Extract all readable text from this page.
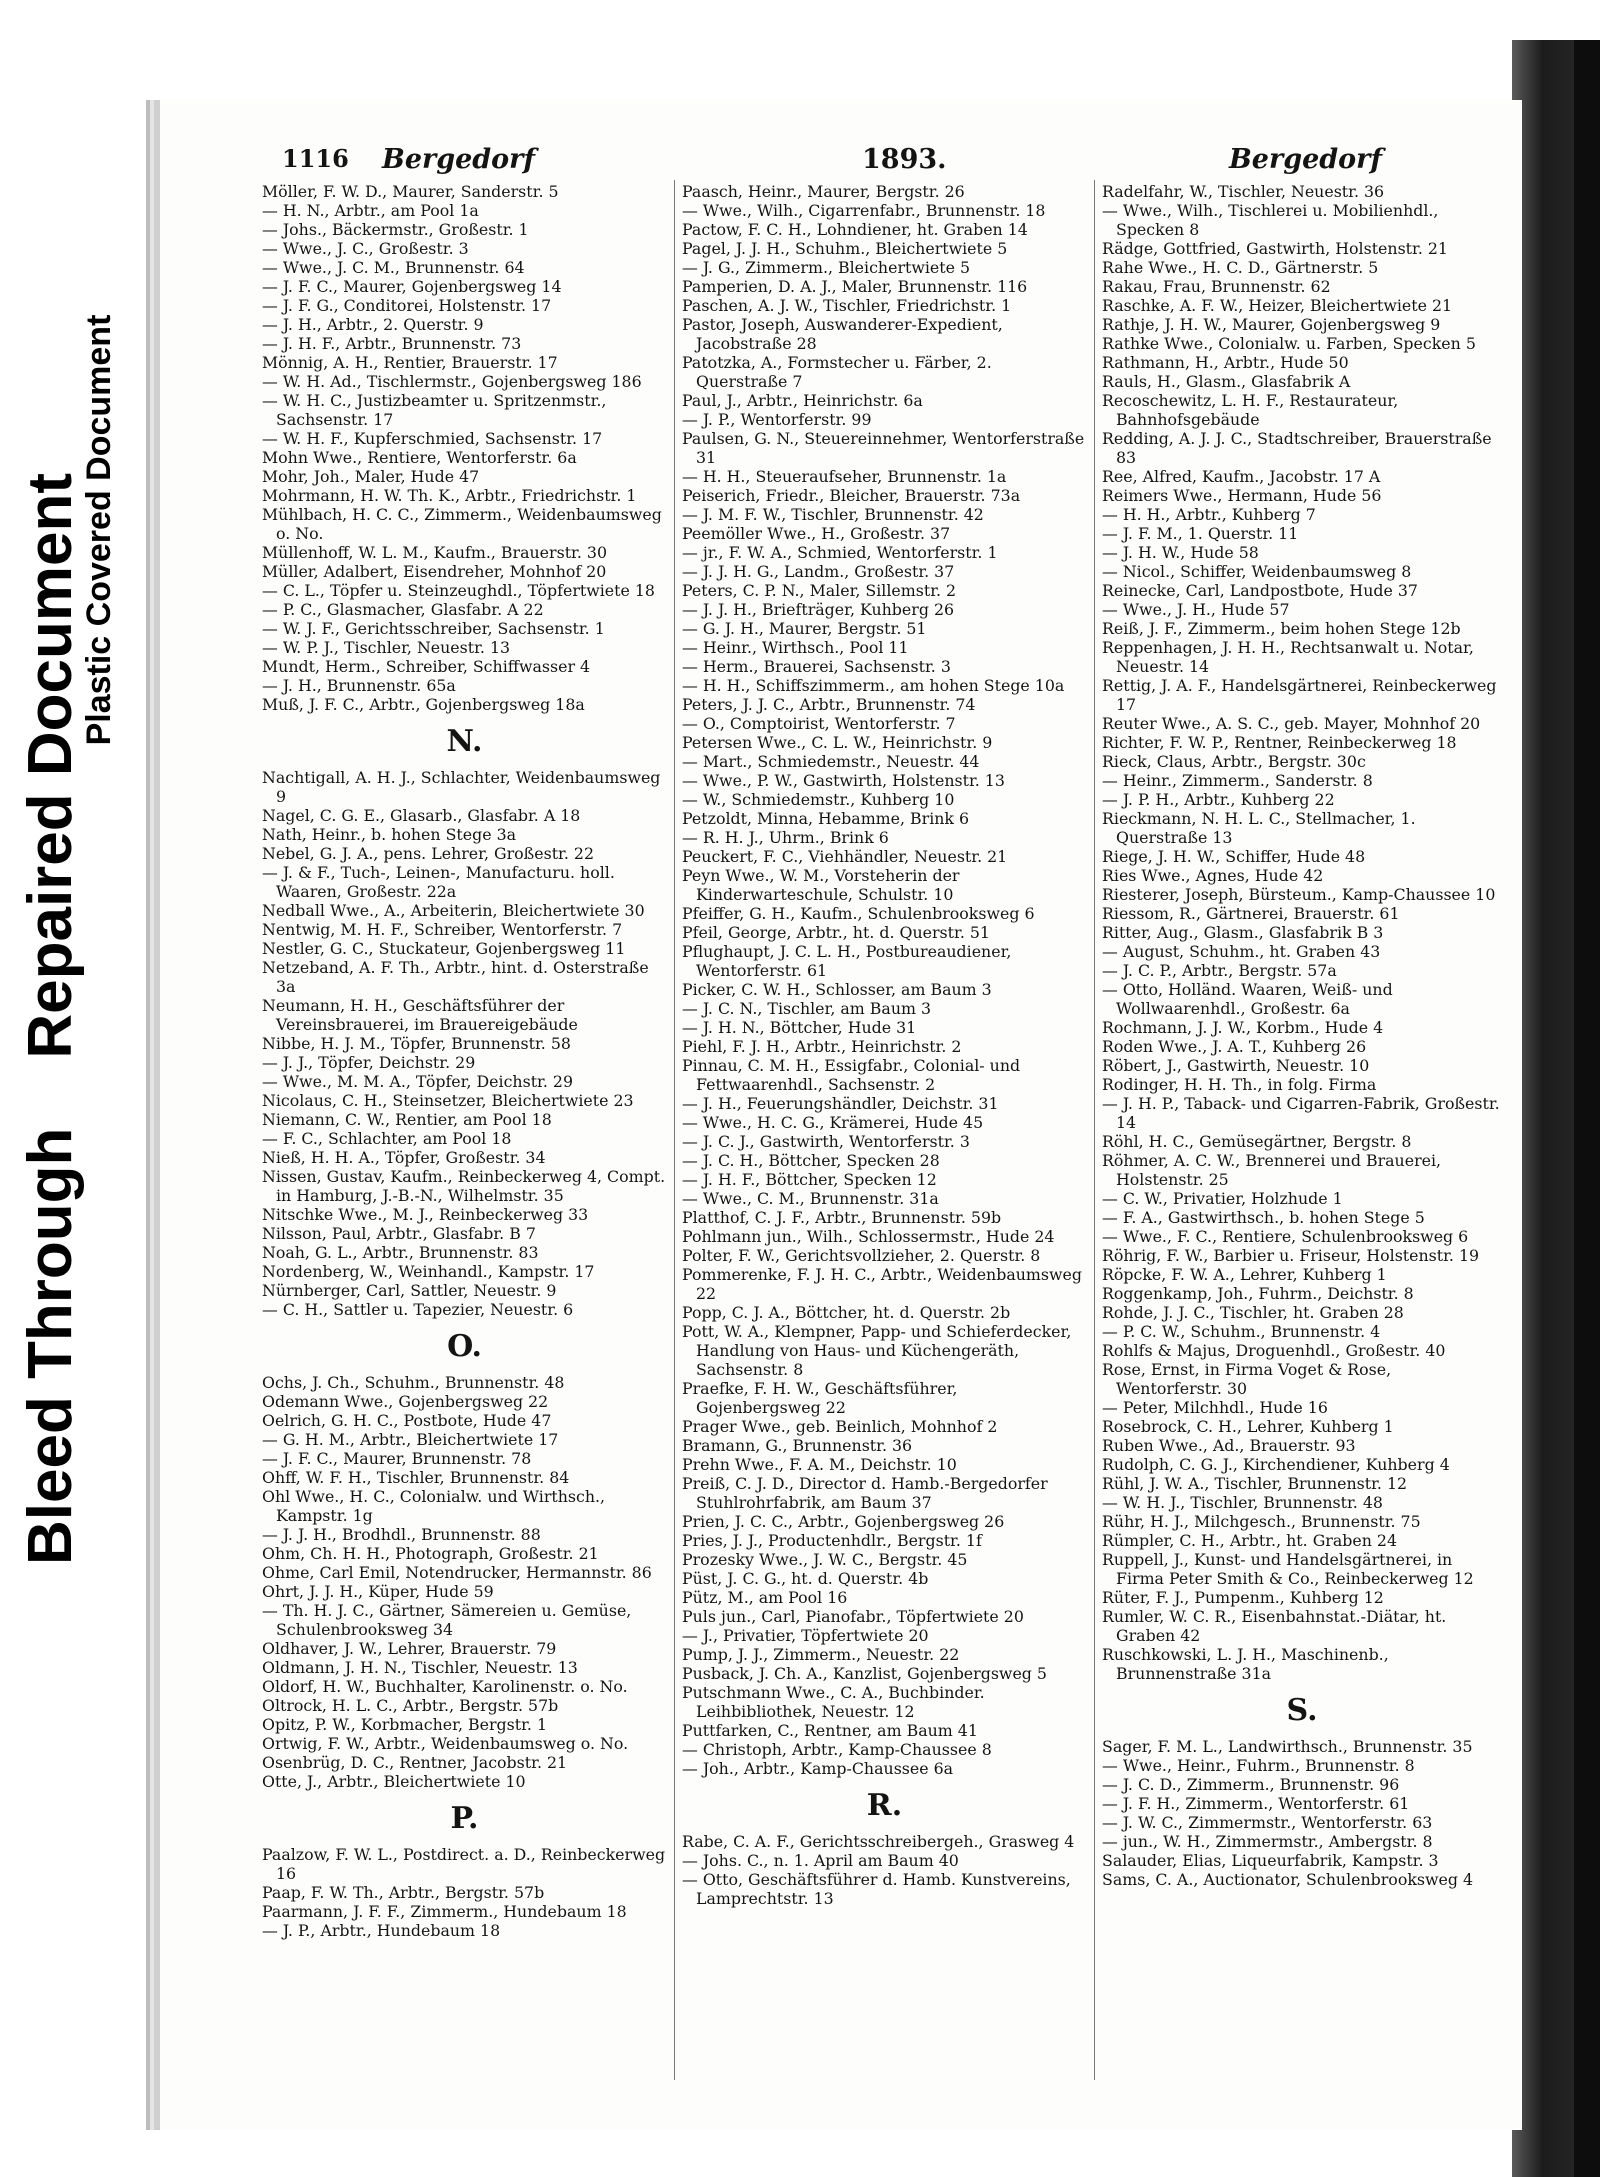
Bleed Through    Repaired Document
Plastic Covered Document
1116 Bergedorf	1893.	Bergedorf
Möller, F. W. D., Maurer, Sanderstr. 5
— H. N., Arbtr., am Pool 1a
— Johs., Bäckermstr., Großestr. 1
— Wwe., J. C., Großestr. 3
— Wwe., J. C. M., Brunnenstr. 64
— J. F. C., Maurer, Gojenbergsweg 14
— J. F. G., Conditorei, Holstenstr. 17
— J. H., Arbtr., 2. Querstr. 9
— J. H. F., Arbtr., Brunnenstr. 73
Mönnig, A. H., Rentier, Brauerstr. 17
— W. H. Ad., Tischlermstr., Gojenbergsweg 186
— W. H. C., Justizbeamter u. Spritzenmstr., Sachsenstr. 17
— W. H. F., Kupferschmied, Sachsenstr. 17
Mohn Wwe., Rentiere, Wentorferstr. 6a
Mohr, Joh., Maler, Hude 47
Mohrmann, H. W. Th. K., Arbtr., Friedrichstr. 1
Mühlbach, H. C. C., Zimmerm., Weidenbaumsweg o. No.
Müllenhoff, W. L. M., Kaufm., Brauerstr. 30
Müller, Adalbert, Eisendreher, Mohnhof 20
— C. L., Töpfer u. Steinzeughdl., Töpfertwiete 18
— P. C., Glasmacher, Glasfabr. A 22
— W. J. F., Gerichtsschreiber, Sachsenstr. 1
— W. P. J., Tischler, Neuestr. 13
Mundt, Herm., Schreiber, Schiffwasser 4
— J. H., Brunnenstr. 65a
Muß, J. F. C., Arbtr., Gojenbergsweg 18a
N.
Nachtigall, A. H. J., Schlachter, Weidenbaumsweg 9
Nagel, C. G. E., Glasarb., Glasfabr. A 18
Nath, Heinr., b. hohen Stege 3a
Nebel, G. J. A., pens. Lehrer, Großestr. 22
— J. & F., Tuch-, Leinen-, Manufacturu. holl. Waaren, Großestr. 22a
Nedball Wwe., A., Arbeiterin, Bleichertwiete 30
Nentwig, M. H. F., Schreiber, Wentorferstr. 7
Nestler, G. C., Stuckateur, Gojenbergsweg 11
Netzeband, A. F. Th., Arbtr., hint. d. Osterstraße 3a
Neumann, H. H., Geschäftsführer der Vereinsbrauerei, im Brauereigebäude
Nibbe, H. J. M., Töpfer, Brunnenstr. 58
— J. J., Töpfer, Deichstr. 29
— Wwe., M. M. A., Töpfer, Deichstr. 29
Nicolaus, C. H., Steinsetzer, Bleichertwiete 23
Niemann, C. W., Rentier, am Pool 18
— F. C., Schlachter, am Pool 18
Nieß, H. H. A., Töpfer, Großestr. 34
Nissen, Gustav, Kaufm., Reinbeckerweg 4, Compt. in Hamburg, J.-B.-N., Wilhelmstr. 35
Nitschke Wwe., M. J., Reinbeckerweg 33
Nilsson, Paul, Arbtr., Glasfabr. B 7
Noah, G. L., Arbtr., Brunnenstr. 83
Nordenberg, W., Weinhandl., Kampstr. 17
Nürnberger, Carl, Sattler, Neuestr. 9
— C. H., Sattler u. Tapezier, Neuestr. 6
O.
Ochs, J. Ch., Schuhm., Brunnenstr. 48
Odemann Wwe., Gojenbergsweg 22
Oelrich, G. H. C., Postbote, Hude 47
— G. H. M., Arbtr., Bleichertwiete 17
— J. F. C., Maurer, Brunnenstr. 78
Ohff, W. F. H., Tischler, Brunnenstr. 84
Ohl Wwe., H. C., Colonialw. und Wirthsch., Kampstr. 1g
— J. J. H., Brodhdl., Brunnenstr. 88
Ohm, Ch. H. H., Photograph, Großestr. 21
Ohme, Carl Emil, Notendrucker, Hermannstr. 86
Ohrt, J. J. H., Küper, Hude 59
— Th. H. J. C., Gärtner, Sämereien u. Gemüse, Schulenbrooksweg 34
Oldhaver, J. W., Lehrer, Brauerstr. 79
Oldmann, J. H. N., Tischler, Neuestr. 13
Oldorf, H. W., Buchhalter, Karolinenstr. o. No.
Oltrock, H. L. C., Arbtr., Bergstr. 57b
Opitz, P. W., Korbmacher, Bergstr. 1
Ortwig, F. W., Arbtr., Weidenbaumsweg o. No.
Osenbrüg, D. C., Rentner, Jacobstr. 21
Otte, J., Arbtr., Bleichertwiete 10
P.
Paalzow, F. W. L., Postdirect. a. D., Reinbeckerweg 16
Paap, F. W. Th., Arbtr., Bergstr. 57b
Paarmann, J. F. F., Zimmerm., Hundebaum 18
— J. P., Arbtr., Hundebaum 18
Paasch, Heinr., Maurer, Bergstr. 26
— Wwe., Wilh., Cigarrenfabr., Brunnenstr. 18
Pactow, F. C. H., Lohndiener, ht. Graben 14
Pagel, J. J. H., Schuhm., Bleichertwiete 5
— J. G., Zimmerm., Bleichertwiete 5
Pamperien, D. A. J., Maler, Brunnenstr. 116
Paschen, A. J. W., Tischler, Friedrichstr. 1
Pastor, Joseph, Auswanderer-Expedient, Jacobstraße 28
Patotzka, A., Formstecher u. Färber, 2. Querstraße 7
Paul, J., Arbtr., Heinrichstr. 6a
— J. P., Wentorferstr. 99
Paulsen, G. N., Steuereinnehmer, Wentorferstraße 31
— H. H., Steueraufseher, Brunnenstr. 1a
Peiserich, Friedr., Bleicher, Brauerstr. 73a
— J. M. F. W., Tischler, Brunnenstr. 42
Peemöller Wwe., H., Großestr. 37
— jr., F. W. A., Schmied, Wentorferstr. 1
— J. J. H. G., Landm., Großestr. 37
Peters, C. P. N., Maler, Sillemstr. 2
— J. J. H., Briefträger, Kuhberg 26
— G. J. H., Maurer, Bergstr. 51
— Heinr., Wirthsch., Pool 11
— Herm., Brauerei, Sachsenstr. 3
— H. H., Schiffszimmerm., am hohen Stege 10a
Peters, J. J. C., Arbtr., Brunnenstr. 74
— O., Comptoirist, Wentorferstr. 7
Petersen Wwe., C. L. W., Heinrichstr. 9
— Mart., Schmiedemstr., Neuestr. 44
— Wwe., P. W., Gastwirth, Holstenstr. 13
— W., Schmiedemstr., Kuhberg 10
Petzoldt, Minna, Hebamme, Brink 6
— R. H. J., Uhrm., Brink 6
Peuckert, F. C., Viehhändler, Neuestr. 21
Peyn Wwe., W. M., Vorsteherin der Kinderwarteschule, Schulstr. 10
Pfeiffer, G. H., Kaufm., Schulenbrooksweg 6
Pfeil, George, Arbtr., ht. d. Querstr. 51
Pflughaupt, J. C. L. H., Postbureaudiener, Wentorferstr. 61
Picker, C. W. H., Schlosser, am Baum 3
— J. C. N., Tischler, am Baum 3
— J. H. N., Böttcher, Hude 31
Piehl, F. J. H., Arbtr., Heinrichstr. 2
Pinnau, C. M. H., Essigfabr., Colonial- und Fettwaarenhdl., Sachsenstr. 2
— J. H., Feuerungshändler, Deichstr. 31
— Wwe., H. C. G., Krämerei, Hude 45
— J. C. J., Gastwirth, Wentorferstr. 3
— J. C. H., Böttcher, Specken 28
— J. H. F., Böttcher, Specken 12
— Wwe., C. M., Brunnenstr. 31a
Platthof, C. J. F., Arbtr., Brunnenstr. 59b
Pohlmann jun., Wilh., Schlossermstr., Hude 24
Polter, F. W., Gerichtsvollzieher, 2. Querstr. 8
Pommerenke, F. J. H. C., Arbtr., Weidenbaumsweg 22
Popp, C. J. A., Böttcher, ht. d. Querstr. 2b
Pott, W. A., Klempner, Papp- und Schieferdecker, Handlung von Haus- und Küchengeräth, Sachsenstr. 8
Praefke, F. H. W., Geschäftsführer, Gojenbergsweg 22
Prager Wwe., geb. Beinlich, Mohnhof 2
Bramann, G., Brunnenstr. 36
Prehn Wwe., F. A. M., Deichstr. 10
Preiß, C. J. D., Director d. Hamb.-Bergedorfer Stuhlrohrfabrik, am Baum 37
Prien, J. C. C., Arbtr., Gojenbergsweg 26
Pries, J. J., Productenhdlr., Bergstr. 1f
Prozesky Wwe., J. W. C., Bergstr. 45
Püst, J. C. G., ht. d. Querstr. 4b
Pütz, M., am Pool 16
Puls jun., Carl, Pianofabr., Töpfertwiete 20
— J., Privatier, Töpfertwiete 20
Pump, J. J., Zimmerm., Neuestr. 22
Pusback, J. Ch. A., Kanzlist, Gojenbergsweg 5
Putschmann Wwe., C. A., Buchbinder. Leihbibliothek, Neuestr. 12
Puttfarken, C., Rentner, am Baum 41
— Christoph, Arbtr., Kamp-Chaussee 8
— Joh., Arbtr., Kamp-Chaussee 6a
R.
Rabe, C. A. F., Gerichtsschreibergeh., Grasweg 4
— Johs. C., n. 1. April am Baum 40
— Otto, Geschäftsführer d. Hamb. Kunstvereins, Lamprechtstr. 13
Radelfahr, W., Tischler, Neuestr. 36
— Wwe., Wilh., Tischlerei u. Mobilienhdl., Specken 8
Rädge, Gottfried, Gastwirth, Holstenstr. 21
Rahe Wwe., H. C. D., Gärtnerstr. 5
Rakau, Frau, Brunnenstr. 62
Raschke, A. F. W., Heizer, Bleichertwiete 21
Rathje, J. H. W., Maurer, Gojenbergsweg 9
Rathke Wwe., Colonialw. u. Farben, Specken 5
Rathmann, H., Arbtr., Hude 50
Rauls, H., Glasm., Glasfabrik A
Recoschewitz, L. H. F., Restaurateur, Bahnhofsgebäude
Redding, A. J. J. C., Stadtschreiber, Brauerstraße 83
Ree, Alfred, Kaufm., Jacobstr. 17 A
Reimers Wwe., Hermann, Hude 56
— H. H., Arbtr., Kuhberg 7
— J. F. M., 1. Querstr. 11
— J. H. W., Hude 58
— Nicol., Schiffer, Weidenbaumsweg 8
Reinecke, Carl, Landpostbote, Hude 37
— Wwe., J. H., Hude 57
Reiß, J. F., Zimmerm., beim hohen Stege 12b
Reppenhagen, J. H. H., Rechtsanwalt u. Notar, Neuestr. 14
Rettig, J. A. F., Handelsgärtnerei, Reinbeckerweg 17
Reuter Wwe., A. S. C., geb. Mayer, Mohnhof 20
Richter, F. W. P., Rentner, Reinbeckerweg 18
Rieck, Claus, Arbtr., Bergstr. 30c
— Heinr., Zimmerm., Sanderstr. 8
— J. P. H., Arbtr., Kuhberg 22
Rieckmann, N. H. L. C., Stellmacher, 1. Querstraße 13
Riege, J. H. W., Schiffer, Hude 48
Ries Wwe., Agnes, Hude 42
Riesterer, Joseph, Bürsteum., Kamp-Chaussee 10
Riessom, R., Gärtnerei, Brauerstr. 61
Ritter, Aug., Glasm., Glasfabrik B 3
— August, Schuhm., ht. Graben 43
— J. C. P., Arbtr., Bergstr. 57a
— Otto, Holländ. Waaren, Weiß- und Wollwaarenhdl., Großestr. 6a
Rochmann, J. J. W., Korbm., Hude 4
Roden Wwe., J. A. T., Kuhberg 26
Röbert, J., Gastwirth, Neuestr. 10
Rodinger, H. H. Th., in folg. Firma
— J. H. P., Taback- und Cigarren-Fabrik, Großestr. 14
Röhl, H. C., Gemüsegärtner, Bergstr. 8
Röhmer, A. C. W., Brennerei und Brauerei, Holstenstr. 25
— C. W., Privatier, Holzhude 1
— F. A., Gastwirthsch., b. hohen Stege 5
— Wwe., F. C., Rentiere, Schulenbrooksweg 6
Röhrig, F. W., Barbier u. Friseur, Holstenstr. 19
Röpcke, F. W. A., Lehrer, Kuhberg 1
Roggenkamp, Joh., Fuhrm., Deichstr. 8
Rohde, J. J. C., Tischler, ht. Graben 28
— P. C. W., Schuhm., Brunnenstr. 4
Rohlfs & Majus, Droguenhdl., Großestr. 40
Rose, Ernst, in Firma Voget & Rose, Wentorferstr. 30
— Peter, Milchhdl., Hude 16
Rosebrock, C. H., Lehrer, Kuhberg 1
Ruben Wwe., Ad., Brauerstr. 93
Rudolph, C. G. J., Kirchendiener, Kuhberg 4
Rühl, J. W. A., Tischler, Brunnenstr. 12
— W. H. J., Tischler, Brunnenstr. 48
Rühr, H. J., Milchgesch., Brunnenstr. 75
Rümpler, C. H., Arbtr., ht. Graben 24
Ruppell, J., Kunst- und Handelsgärtnerei, in Firma Peter Smith & Co., Reinbeckerweg 12
Rüter, F. J., Pumpenm., Kuhberg 12
Rumler, W. C. R., Eisenbahnstat.-Diätar, ht. Graben 42
Ruschkowski, L. J. H., Maschinenb., Brunnenstraße 31a
S.
Sager, F. M. L., Landwirthsch., Brunnenstr. 35
— Wwe., Heinr., Fuhrm., Brunnenstr. 8
— J. C. D., Zimmerm., Brunnenstr. 96
— J. F. H., Zimmerm., Wentorferstr. 61
— J. W. C., Zimmermstr., Wentorferstr. 63
— jun., W. H., Zimmermstr., Ambergstr. 8
Salauder, Elias, Liqueurfabrik, Kampstr. 3
Sams, C. A., Auctionator, Schulenbrooksweg 4
